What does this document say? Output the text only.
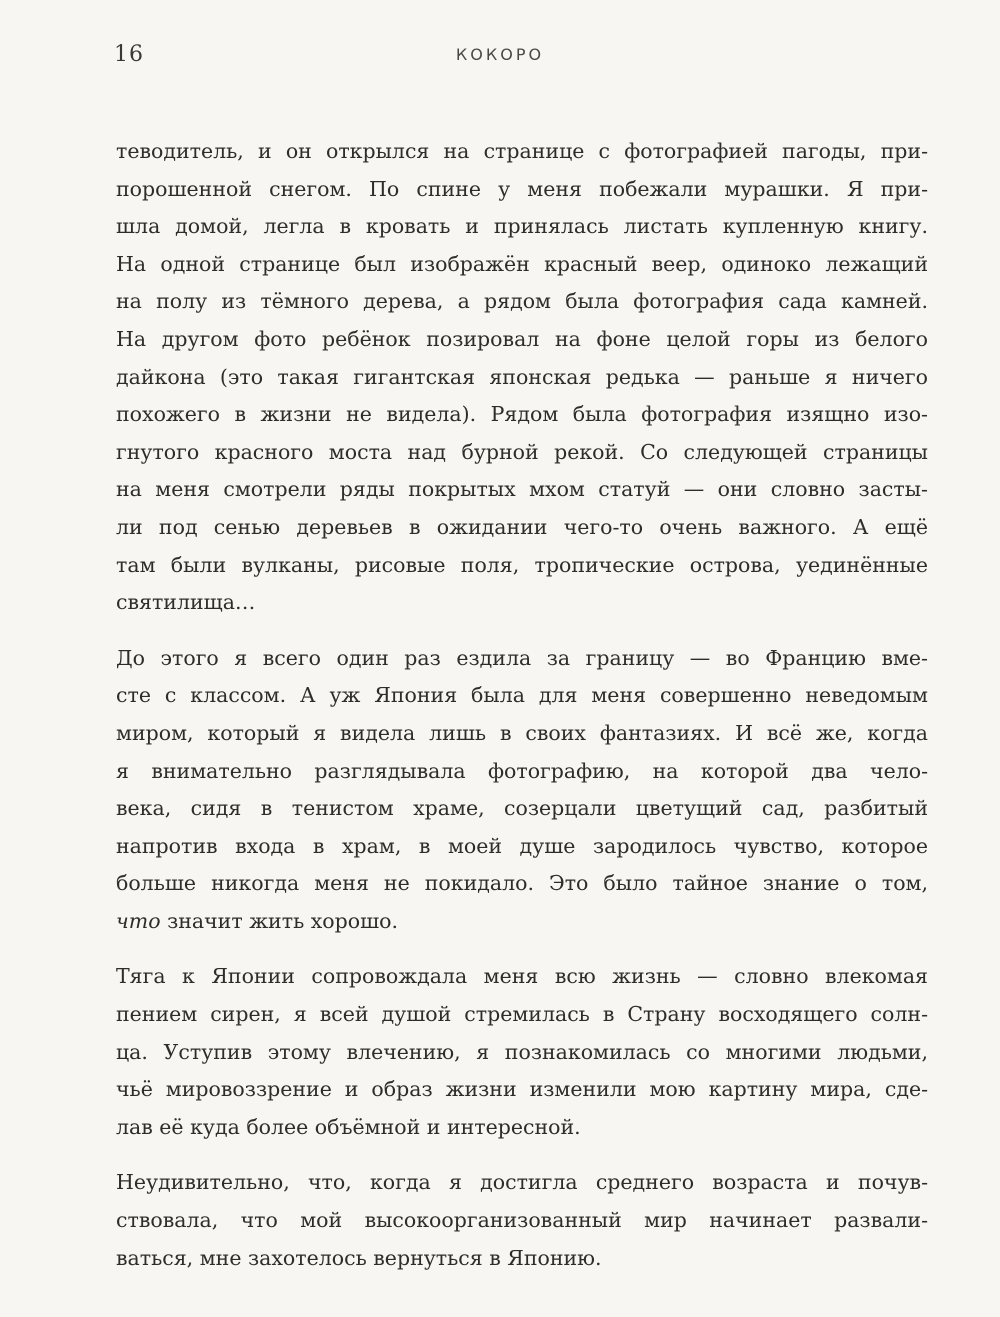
16	КОКОРО
теводитель, и он открылся на странице с фотографией пагоды, при-
порошенной снегом. По спине у меня побежали мурашки. Я при-
шла домой, легла в кровать и принялась листать купленную книгу.
На одной странице был изображён красный веер, одиноко лежащий
на полу из тёмного дерева, а рядом была фотография сада камней.
На другом фото ребёнок позировал на фоне целой горы из белого
дайкона (это такая гигантская японская редька — раньше я ничего
похожего в жизни не видела). Рядом была фотография изящно изо-
гнутого красного моста над бурной рекой. Со следующей страницы
на меня смотрели ряды покрытых мхом статуй — они словно засты-
ли под сенью деревьев в ожидании чего-то очень важного. А ещё
там были вулканы, рисовые поля, тропические острова, уединённые
святилища…
До этого я всего один раз ездила за границу — во Францию вме-
сте с классом. А уж Япония была для меня совершенно неведомым
миром, который я видела лишь в своих фантазиях. И всё же, когда
я внимательно разглядывала фотографию, на которой два чело-
века, сидя в тенистом храме, созерцали цветущий сад, разбитый
напротив входа в храм, в моей душе зародилось чувство, которое
больше никогда меня не покидало. Это было тайное знание о том,
что значит жить хорошо.
Тяга к Японии сопровождала меня всю жизнь — словно влекомая
пением сирен, я всей душой стремилась в Страну восходящего солн-
ца. Уступив этому влечению, я познакомилась со многими людьми,
чьё мировоззрение и образ жизни изменили мою картину мира, сде-
лав её куда более объёмной и интересной.
Неудивительно, что, когда я достигла среднего возраста и почув-
ствовала, что мой высокоорганизованный мир начинает развали-
ваться, мне захотелось вернуться в Японию.
